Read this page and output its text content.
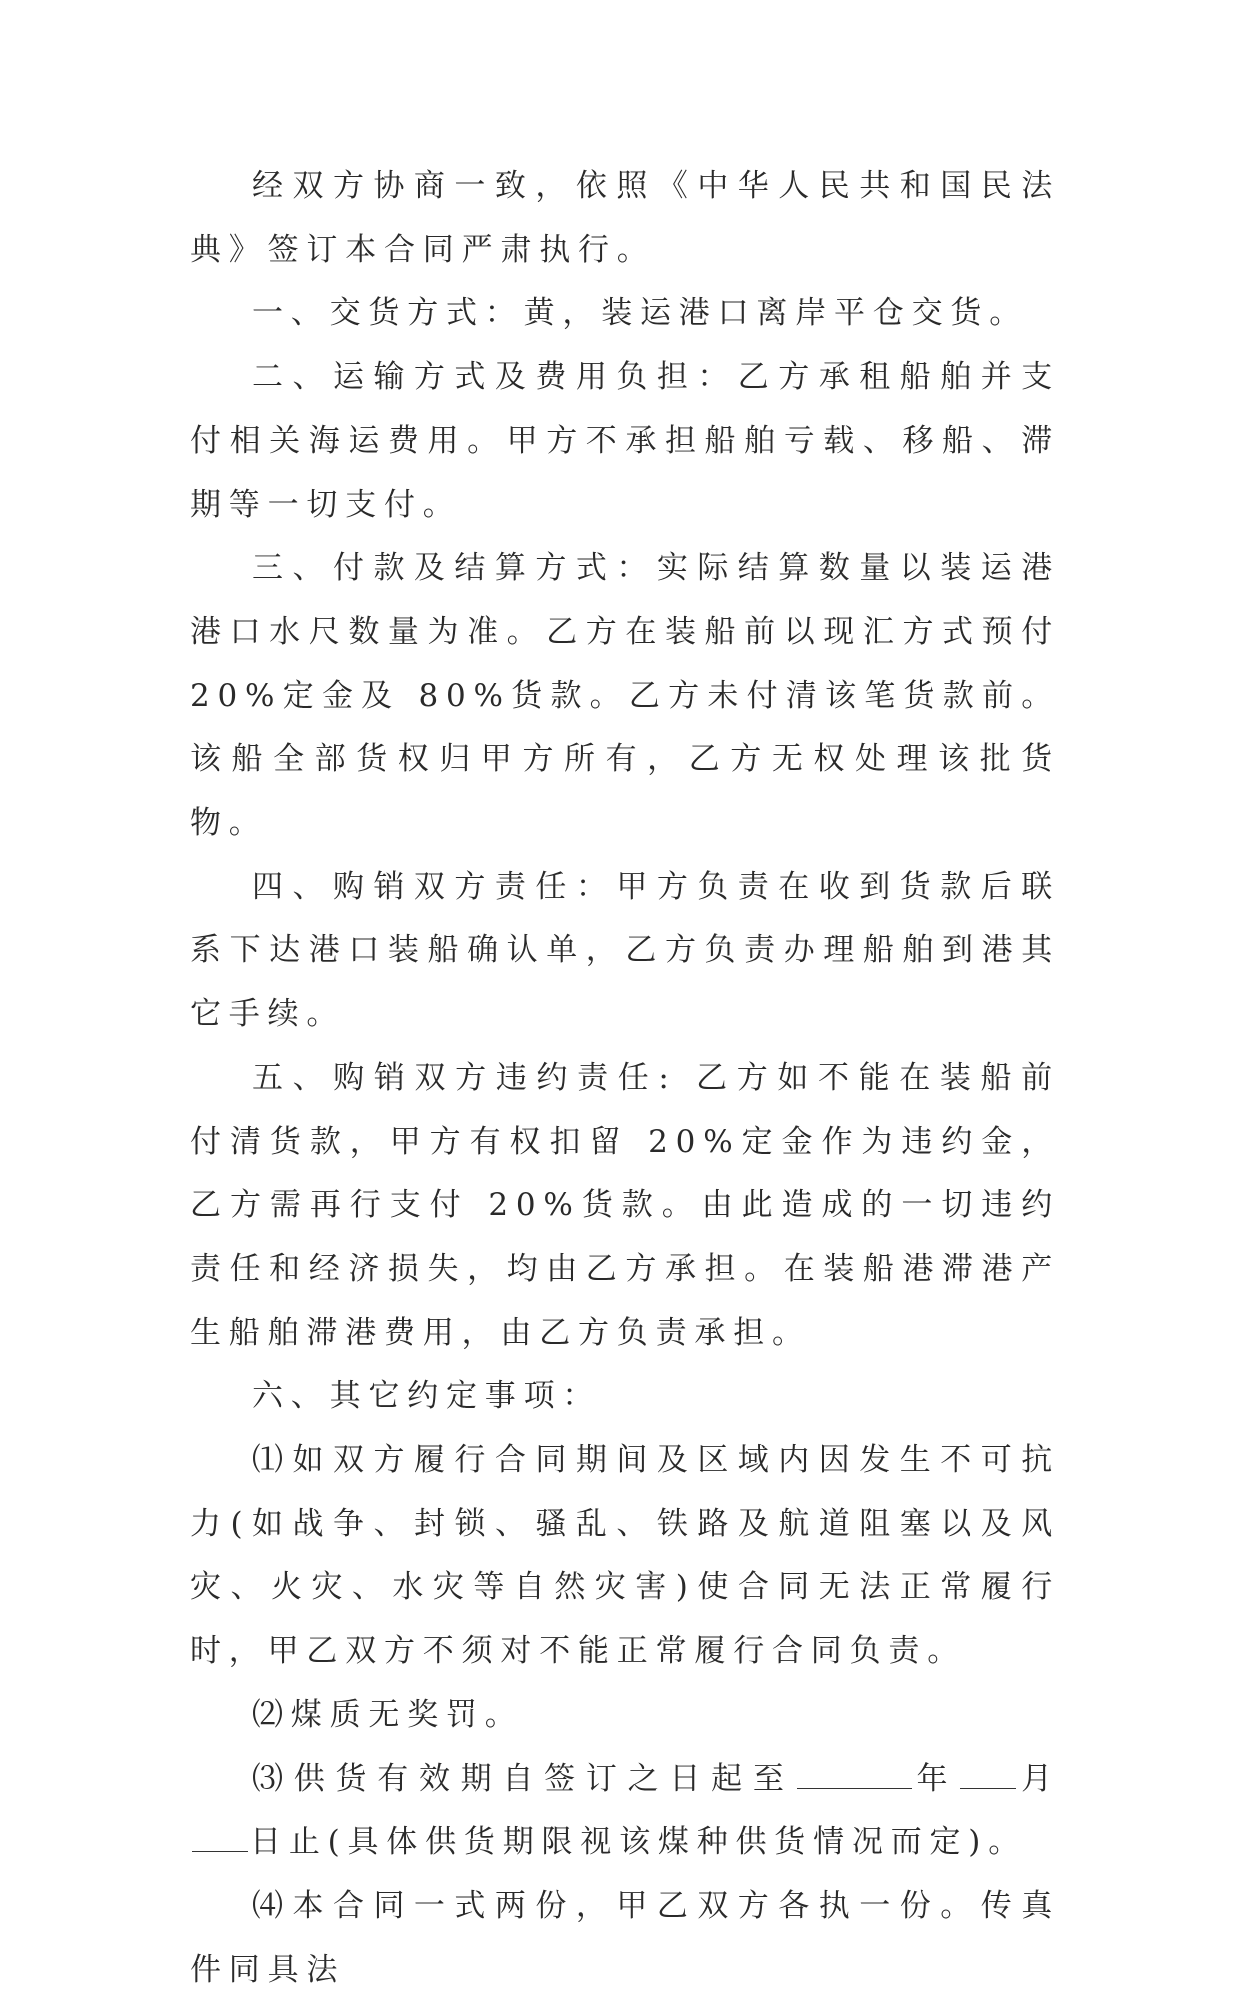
经双方协商一致，依照《中华人民共和国民法典》签订本合同严肃执行。

一、交货方式：黄，装运港口离岸平仓交货。

二、运输方式及费用负担：乙方承租船舶并支付相关海运费用。甲方不承担船舶亏载、移船、滞期等一切支付。

三、付款及结算方式：实际结算数量以装运港港口水尺数量为准。乙方在装船前以现汇方式预付 20%定金及 80%货款。乙方未付清该笔货款前。该船全部货权归甲方所有，乙方无权处理该批货物。

四、购销双方责任：甲方负责在收到货款后联系下达港口装船确认单，乙方负责办理船舶到港其它手续。

五、购销双方违约责任: 乙方如不能在装船前付清货款，甲方有权扣留 20%定金作为违约金，乙方需再行支付 20%货款。由此造成的一切违约责任和经济损失，均由乙方承担。在装船港滞港产生船舶滞港费用，由乙方负责承担。

六、其它约定事项：

⑴如双方履行合同期间及区域内因发生不可抗力(如战争、封锁、骚乱、铁路及航道阻塞以及风灾、火灾、水灾等自然灾害)使合同无法正常履行时，甲乙双方不须对不能正常履行合同负责。

⑵煤质无奖罚。

⑶供货有效期自签订之日起至	年 月日止(具体供货期限视该煤种供货情况而定)。

⑷本合同一式两份，甲乙双方各执一份。传真件同具法
